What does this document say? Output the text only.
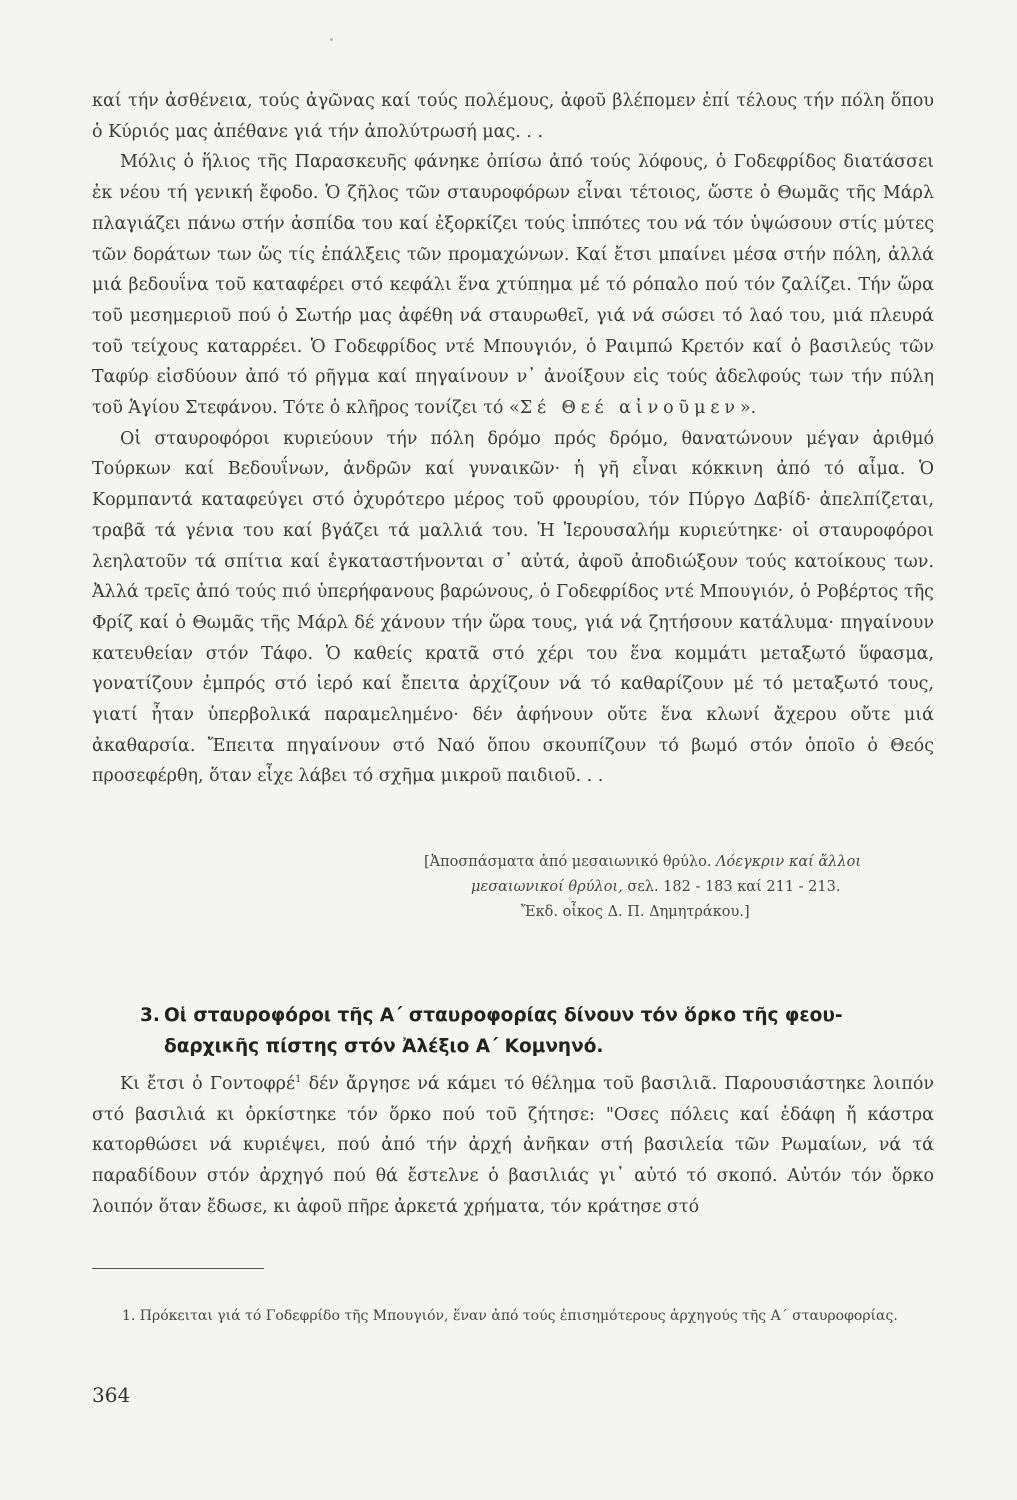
καί τήν ἀσθένεια, τούς ἀγῶνας καί τούς πολέμους, ἀφοῦ βλέπομεν ἐπί τέλους τήν πόλη ὅπου ὁ Κύριός μας ἀπέθανε γιά τήν ἀπολύτρωσή μας. . .

Μόλις ὁ ἥλιος τῆς Παρασκευῆς φάνηκε ὀπίσω ἀπό τούς λόφους, ὁ Γοδεφρίδος διατάσσει ἐκ νέου τή γενική ἔφοδο. Ὁ ζῆλος τῶν σταυροφόρων εἶναι τέτοιος, ὥστε ὁ Θωμᾶς τῆς Μάρλ πλαγιάζει πάνω στήν ἀσπίδα του καί ἐξορκίζει τούς ἱππότες του νά τόν ὑψώσουν στίς μύτες τῶν δοράτων των ὥς τίς ἐπάλξεις τῶν προμαχώνων. Καί ἔτσι μπαίνει μέσα στήν πόλη, ἀλλά μιά βεδουΐνα τοῦ καταφέρει στό κεφάλι ἕνα χτύπημα μέ τό ρόπαλο πού τόν ζαλίζει. Τήν ὥρα τοῦ μεσημεριοῦ πού ὁ Σωτήρ μας ἀφέθη νά σταυρωθεῖ, γιά νά σώσει τό λαό του, μιά πλευρά τοῦ τείχους καταρρέει. Ὁ Γοδεφρίδος ντέ Μπουγιόν, ὁ Ραιμπώ Κρετόν καί ὁ βασιλεύς τῶν Ταφύρ εἰσδύουν ἀπό τό ρῆγμα καί πηγαίνουν ν᾽ ἀνοίξουν εἰς τούς ἀδελφούς των τήν πύλη τοῦ Ἁγίου Στεφάνου. Τότε ὁ κλῆρος τονίζει τό «Σέ Θεέ αἰνοῦμεν».

Οἱ σταυροφόροι κυριεύουν τήν πόλη δρόμο πρός δρόμο, θανατώνουν μέγαν ἀριθμό Τούρκων καί Βεδουΐνων, ἀνδρῶν καί γυναικῶν· ἡ γῆ εἶναι κόκκινη ἀπό τό αἷμα. Ὁ Κορμπαντά καταφεύγει στό ὀχυρότερο μέρος τοῦ φρουρίου, τόν Πύργο Δαβίδ· ἀπελπίζεται, τραβᾶ τά γένια του καί βγάζει τά μαλλιά του. Ἡ Ἱερουσαλήμ κυριεύτηκε· οἱ σταυροφόροι λεηλατοῦν τά σπίτια καί ἐγκαταστήνονται σ᾽ αὐτά, ἀφοῦ ἀποδιώξουν τούς κατοίκους των. Ἀλλά τρεῖς ἀπό τούς πιό ὑπερήφανους βαρώνους, ὁ Γοδεφρίδος ντέ Μπουγιόν, ὁ Ροβέρτος τῆς Φρίζ καί ὁ Θωμᾶς τῆς Μάρλ δέ χάνουν τήν ὥρα τους, γιά νά ζητήσουν κατάλυμα· πηγαίνουν κατευθείαν στόν Τάφο. Ὁ καθείς κρατᾶ στό χέρι του ἕνα κομμάτι μεταξωτό ὕφασμα, γονατίζουν ἐμπρός στό ἱερό καί ἔπειτα ἀρχίζουν νά τό καθαρίζουν μέ τό μεταξωτό τους, γιατί ἦταν ὑπερβολικά παραμελημένο· δέν ἀφήνουν οὔτε ἕνα κλωνί ἄχερου οὔτε μιά ἀκαθαρσία. Ἔπειτα πηγαίνουν στό Ναό ὅπου σκουπίζουν τό βωμό στόν ὁποῖο ὁ Θεός προσεφέρθη, ὅταν εἶχε λάβει τό σχῆμα μικροῦ παιδιοῦ. . .

[Ἀποσπάσματα ἀπό μεσαιωνικό θρύλο. Λόεγκριν καί ἄλλοι
μεσαιωνικοί θρύλοι, σελ. 182 - 183 καί 211 - 213.
Ἔκδ. οἶκος Δ. Π. Δημητράκου.]
3. Οἱ σταυροφόροι τῆς Α΄ σταυροφορίας δίνουν τόν ὅρκο τῆς φεου-
δαρχικῆς πίστης στόν Ἀλέξιο Α΄ Κομνηνό.

Κι ἔτσι ὁ Γοντοφρέ$^1$ δέν ἄργησε νά κάμει τό θέλημα τοῦ βασιλιᾶ. Παρουσιάστηκε λοιπόν στό βασιλιά κι ὁρκίστηκε τόν ὅρκο πού τοῦ ζήτησε: "Οσες πόλεις καί ἐδάφη ἤ κάστρα κατορθώσει νά κυριέψει, πού ἀπό τήν ἀρχή ἀνῆκαν στή βασιλεία τῶν Ρωμαίων, νά τά παραδίδουν στόν ἀρχηγό πού θά ἔστελνε ὁ βασιλιάς γι᾽ αὐτό τό σκοπό. Αὐτόν τόν ὅρκο λοιπόν ὅταν ἔδωσε, κι ἀφοῦ πῆρε ἀρκετά χρήματα, τόν κράτησε στό

1. Πρόκειται γιά τό Γοδεφρίδο τῆς Μπουγιόν, ἕναν ἀπό τούς ἐπισημότερους ἀρχηγούς τῆς Α΄ σταυροφορίας.
364
